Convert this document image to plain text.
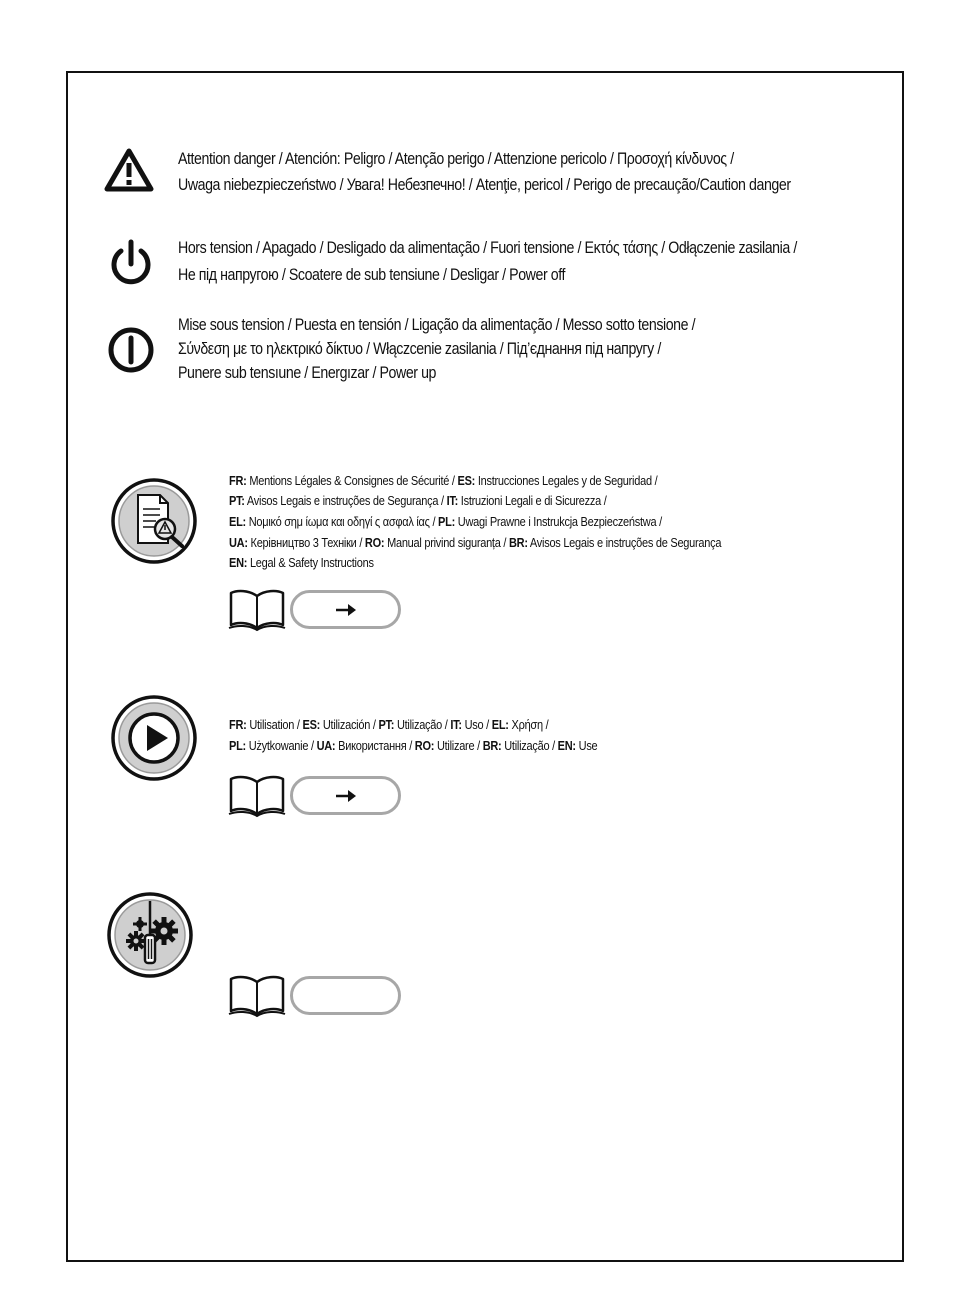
Attention danger / Atención: Peligro / Atenção perigo / Attenzione pericolo / Προσοχή κίνδυνος /
Uwaga niebezpieczeństwo / Увага! Небезпечно! / Atenţie, pericol / Perigo de precaução/Caution danger
Hors tension / Apagado / Desligado da alimentação / Fuori tensione / Εκτός τάσης / Odłączenie zasilania /
Не під напругою / Scoatere de sub tensiune / Desligar / Power off
Mise sous tension / Puesta en tensión / Ligação da alimentação / Messo sotto tensione /
Σύνδεση με το ηλεκτρικό δίκτυο / Włączcenie zasilania / Під’єднання під напругу /
Punere sub tensıune / Energızar / Power up
FR: Mentions Légales & Consignes de Sécurité / ES: Instrucciones Legales y de Seguridad /
PT: Avisos Legais e instruções de Segurança / IT: Istruzioni Legali e di Sicurezza /
EL: Νομικό σημ ίωμα και οδηγί ς ασφαλ ίας / PL: Uwagi Prawne i Instrukcja Bezpieczeństwa /
UA: Керівництво 3 Техніки / RO: Manual privind siguranța / BR: Avisos Legais e instruções de Segurança
EN: Legal & Safety Instructions
FR: Utilisation / ES: Utilización / PT: Utilização / IT: Uso / EL: Χρήση /
PL: Użytkowanie / UA: Використання / RO: Utilizare / BR: Utilização / EN: Use
